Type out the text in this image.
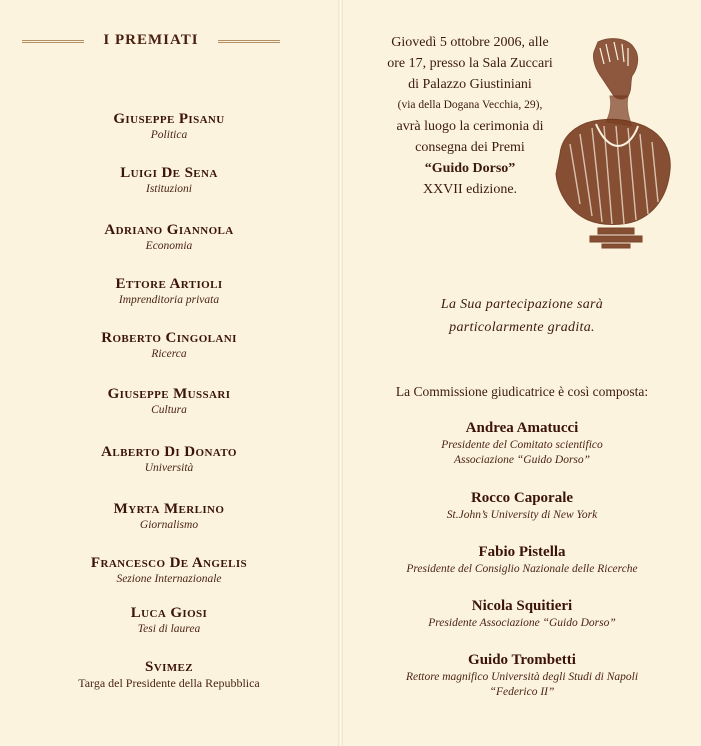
I PREMIATI
Giuseppe Pisanu
Politica
Luigi De Sena
Istituzioni
Adriano Giannola
Economia
Ettore Artioli
Imprenditoria privata
Roberto Cingolani
Ricerca
Giuseppe Mussari
Cultura
Alberto Di Donato
Università
Myrta Merlino
Giornalismo
Francesco De Angelis
Sezione Internazionale
Luca Giosi
Tesi di laurea
Svimez
Targa del Presidente della Repubblica
Giovedì 5 ottobre 2006, alle
ore 17, presso la Sala Zuccari
di Palazzo Giustiniani
(via della Dogana Vecchia, 29),
avrà luogo la cerimonia di
consegna dei Premi
“Guido Dorso”
XXVII edizione.
La Sua partecipazione sarà
particolarmente gradita.
La Commissione giudicatrice è così composta:
Andrea Amatucci
Presidente del Comitato scientifico
Associazione “Guido Dorso”
Rocco Caporale
St.John’s University di New York
Fabio Pistella
Presidente del Consiglio Nazionale delle Ricerche
Nicola Squitieri
Presidente Associazione “Guido Dorso”
Guido Trombetti
Rettore magnifico Università degli Studi di Napoli
“Federico II”
